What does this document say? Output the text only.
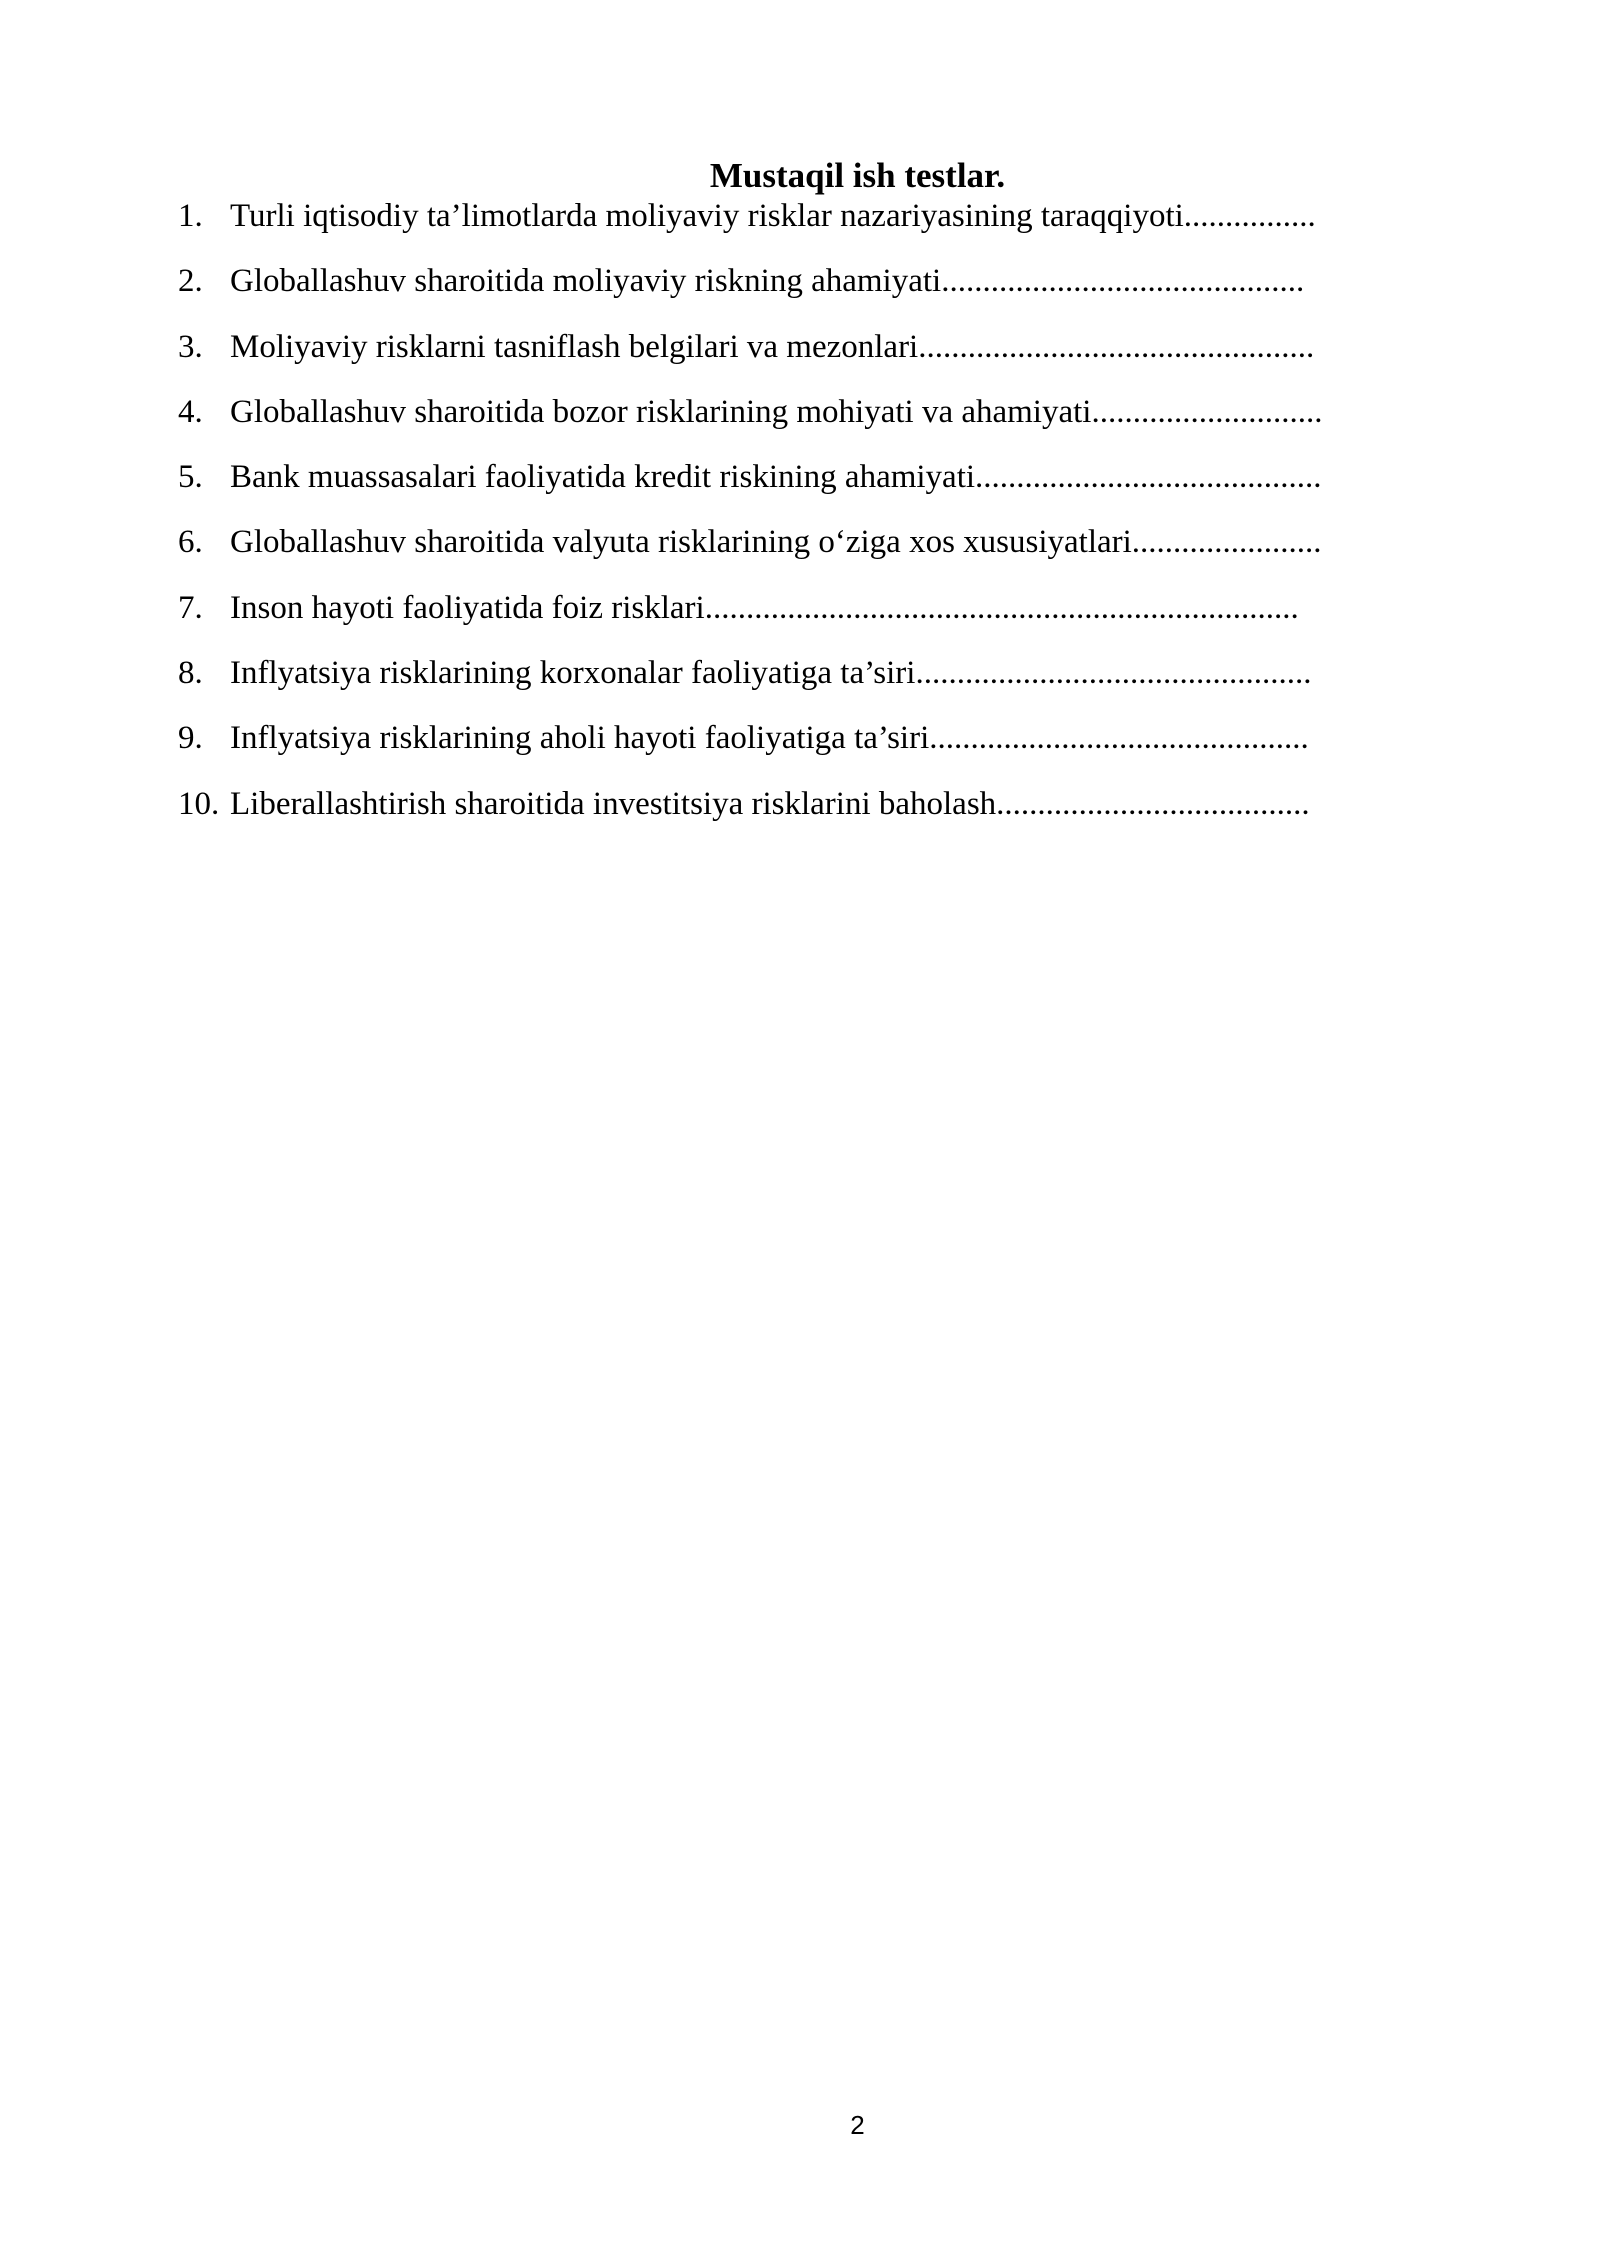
Mustaqil ish testlar.
1. Turli iqtisodiy ta’limotlarda moliyaviy risklar nazariyasining taraqqiyoti................
2. Globallashuv sharoitida moliyaviy riskning ahamiyati............................................
3. Moliyaviy risklarni tasniflash belgilari va mezonlari................................................
4. Globallashuv sharoitida bozor risklarining mohiyati va ahamiyati............................
5. Bank muassasalari faoliyatida kredit riskining ahamiyati..........................................
6. Globallashuv sharoitida valyuta risklarining o‘ziga xos xususiyatlari.......................
7. Inson hayoti faoliyatida foiz risklari........................................................................
8. Inflyatsiya risklarining korxonalar faoliyatiga ta’siri................................................
9. Inflyatsiya risklarining aholi hayoti faoliyatiga ta’siri..............................................
10. Liberallashtirish sharoitida investitsiya risklarini baholash......................................
2
